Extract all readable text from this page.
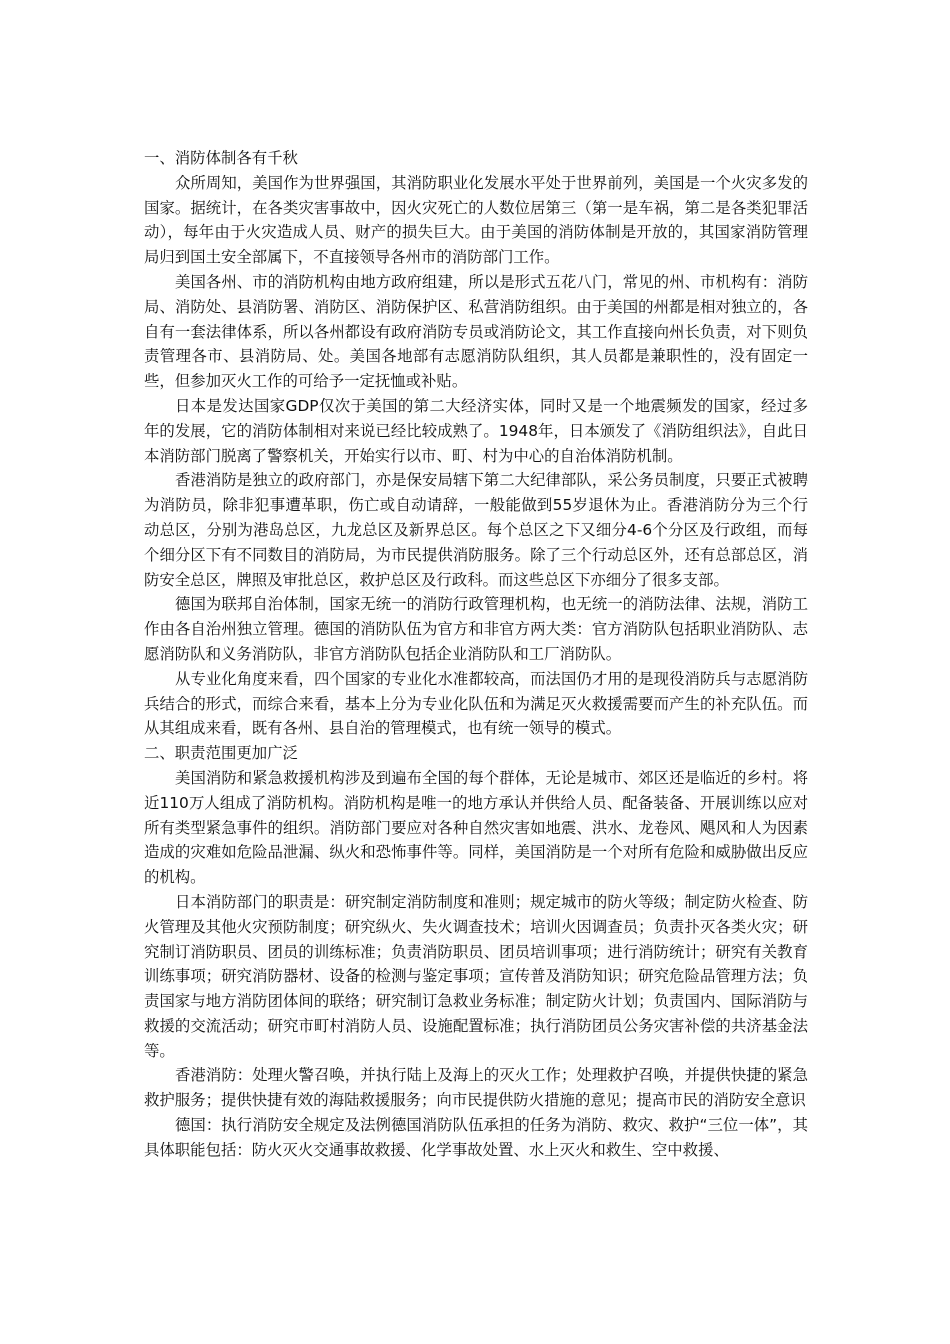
一、消防体制各有千秋

众所周知，美国作为世界强国，其消防职业化发展水平处于世界前列，美国是一个火灾多发的国家。据统计，在各类灾害事故中，因火灾死亡的人数位居第三（第一是车祸，第二是各类犯罪活动），每年由于火灾造成人员、财产的损失巨大。由于美国的消防体制是开放的，其国家消防管理局归到国土安全部属下，不直接领导各州市的消防部门工作。

美国各州、市的消防机构由地方政府组建，所以是形式五花八门，常见的州、市机构有：消防局、消防处、县消防署、消防区、消防保护区、私营消防组织。由于美国的州都是相对独立的，各自有一套法律体系，所以各州都设有政府消防专员或消防论文，其工作直接向州长负责，对下则负责管理各市、县消防局、处。美国各地部有志愿消防队组织，其人员都是兼职性的，没有固定一些，但参加灭火工作的可给予一定抚恤或补贴。

日本是发达国家GDP仅次于美国的第二大经济实体，同时又是一个地震频发的国家，经过多年的发展，它的消防体制相对来说已经比较成熟了。1948年，日本颁发了《消防组织法》，自此日本消防部门脱离了警察机关，开始实行以市、町、村为中心的自治体消防机制。

香港消防是独立的政府部门，亦是保安局辖下第二大纪律部队，采公务员制度，只要正式被聘为消防员，除非犯事遭革职，伤亡或自动请辞，一般能做到55岁退休为止。香港消防分为三个行动总区，分别为港岛总区，九龙总区及新界总区。每个总区之下又细分4-6个分区及行政组，而每个细分区下有不同数目的消防局，为市民提供消防服务。除了三个行动总区外，还有总部总区，消防安全总区，牌照及审批总区，救护总区及行政科。而这些总区下亦细分了很多支部。

德国为联邦自治体制，国家无统一的消防行政管理机构，也无统一的消防法律、法规，消防工作由各自治州独立管理。德国的消防队伍为官方和非官方两大类：官方消防队包括职业消防队、志愿消防队和义务消防队，非官方消防队包括企业消防队和工厂消防队。

从专业化角度来看，四个国家的专业化水准都较高，而法国仍才用的是现役消防兵与志愿消防兵结合的形式，而综合来看，基本上分为专业化队伍和为满足灭火救援需要而产生的补充队伍。而从其组成来看，既有各州、县自治的管理模式，也有统一领导的模式。

二、职责范围更加广泛

美国消防和紧急救援机构涉及到遍布全国的每个群体，无论是城市、郊区还是临近的乡村。将近110万人组成了消防机构。消防机构是唯一的地方承认并供给人员、配备装备、开展训练以应对所有类型紧急事件的组织。消防部门要应对各种自然灾害如地震、洪水、龙卷风、飓风和人为因素造成的灾难如危险品泄漏、纵火和恐怖事件等。同样，美国消防是一个对所有危险和威胁做出反应的机构。

日本消防部门的职责是：研究制定消防制度和准则；规定城市的防火等级；制定防火检查、防火管理及其他火灾预防制度；研究纵火、失火调查技术；培训火因调查员；负责扑灭各类火灾；研究制订消防职员、团员的训练标准；负责消防职员、团员培训事项；进行消防统计；研究有关教育训练事项；研究消防器材、设备的检测与鉴定事项；宣传普及消防知识；研究危险品管理方法；负责国家与地方消防团体间的联络；研究制订急救业务标准；制定防火计划；负责国内、国际消防与救援的交流活动；研究市町村消防人员、设施配置标准；执行消防团员公务灾害补偿的共济基金法等。

香港消防：处理火警召唤，并执行陆上及海上的灭火工作；处理救护召唤，并提供快捷的紧急救护服务；提供快捷有效的海陆救援服务；向市民提供防火措施的意见；提高市民的消防安全意识

德国：执行消防安全规定及法例德国消防队伍承担的任务为消防、救灾、救护“三位一体”，其具体职能包括：防火灭火交通事故救援、化学事故处置、水上灭火和救生、空中救援、
